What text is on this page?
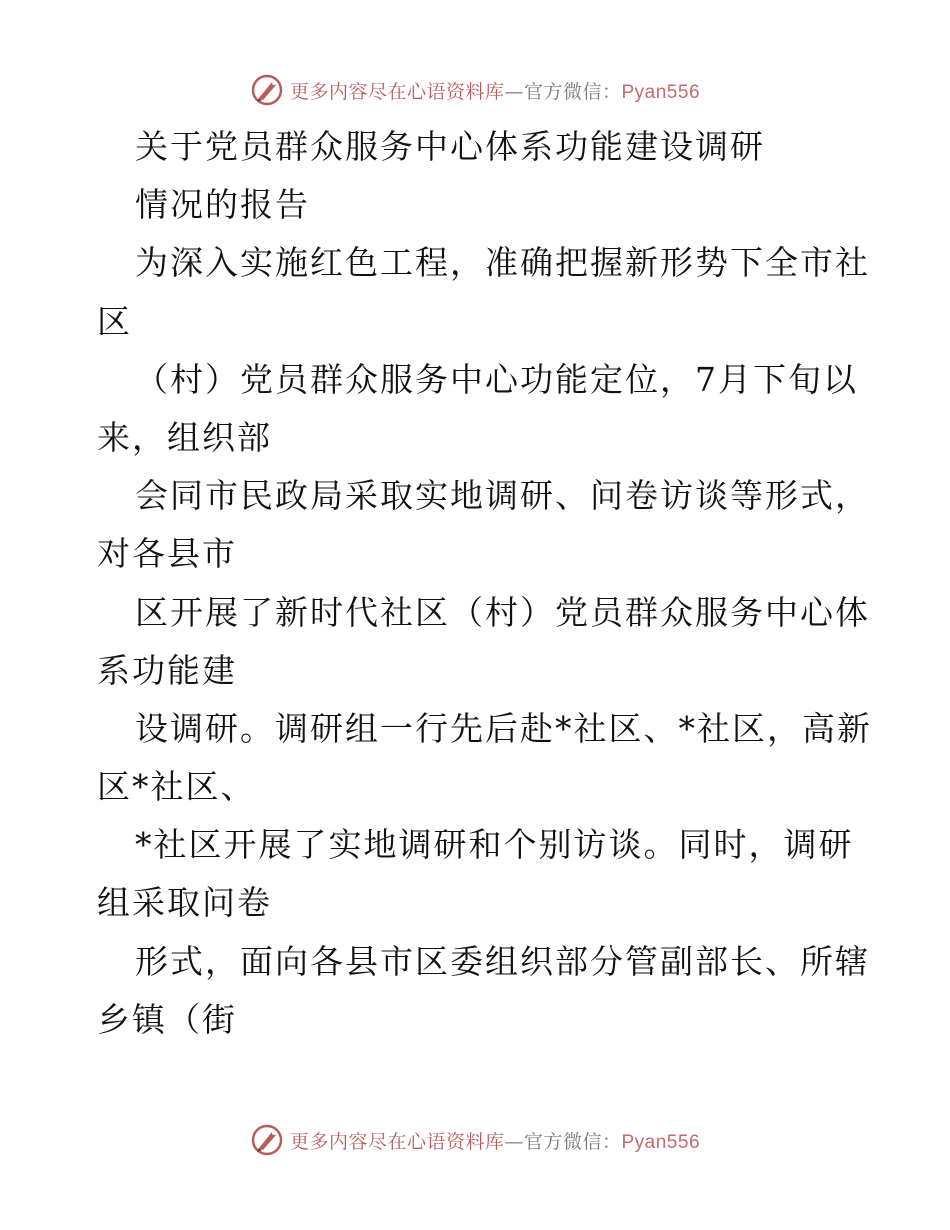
更多内容尽在心语资料库—官方微信：Pyan556
关于党员群众服务中心体系功能建设调研
情况的报告
为深入实施红色工程，准确把握新形势下全市社
区
（村）党员群众服务中心功能定位，7月下旬以
来，组织部
会同市民政局采取实地调研、问卷访谈等形式，
对各县市
区开展了新时代社区（村）党员群众服务中心体
系功能建
设调研。调研组一行先后赴*社区、*社区，高新
区*社区、
*社区开展了实地调研和个别访谈。同时，调研
组采取问卷
形式，面向各县市区委组织部分管副部长、所辖
乡镇（街
更多内容尽在心语资料库—官方微信：Pyan556
